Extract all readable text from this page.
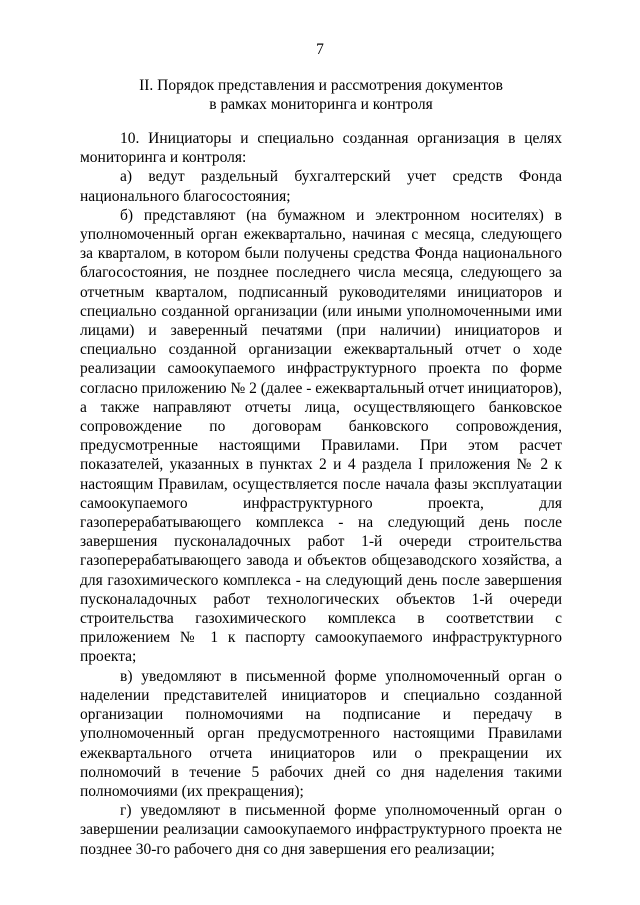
7
II. Порядок представления и рассмотрения документов
в рамках мониторинга и контроля

10. Инициаторы и специально созданная организация в целях мониторинга и контроля:

а) ведут раздельный бухгалтерский учет средств Фонда национального благосостояния;

б) представляют (на бумажном и электронном носителях) в уполномоченный орган ежеквартально, начиная с месяца, следующего за кварталом, в котором были получены средства Фонда национального благосостояния, не позднее последнего числа месяца, следующего за отчетным кварталом, подписанный руководителями инициаторов и специально созданной организации (или иными уполномоченными ими лицами) и заверенный печатями (при наличии) инициаторов и специально созданной организации ежеквартальный отчет о ходе реализации самоокупаемого инфраструктурного проекта по форме согласно приложению № 2 (далее - ежеквартальный отчет инициаторов), а также направляют отчеты лица, осуществляющего банковское сопровождение по договорам банковского сопровождения, предусмотренные настоящими Правилами. При этом расчет показателей, указанных в пунктах 2 и 4 раздела I приложения № 2 к настоящим Правилам, осуществляется после начала фазы эксплуатации самоокупаемого инфраструктурного проекта, для газоперерабатывающего комплекса - на следующий день после завершения пусконаладочных работ 1-й очереди строительства газоперерабатывающего завода и объектов общезаводского хозяйства, а для газохимического комплекса - на следующий день после завершения пусконаладочных работ технологических объектов 1-й очереди строительства газохимического комплекса в соответствии с приложением № 1 к паспорту самоокупаемого инфраструктурного проекта;

в) уведомляют в письменной форме уполномоченный орган о наделении представителей инициаторов и специально созданной организации полномочиями на подписание и передачу в уполномоченный орган предусмотренного настоящими Правилами ежеквартального отчета инициаторов или о прекращении их полномочий в течение 5 рабочих дней со дня наделения такими полномочиями (их прекращения);

г) уведомляют в письменной форме уполномоченный орган о завершении реализации самоокупаемого инфраструктурного проекта не позднее 30-го рабочего дня со дня завершения его реализации;
